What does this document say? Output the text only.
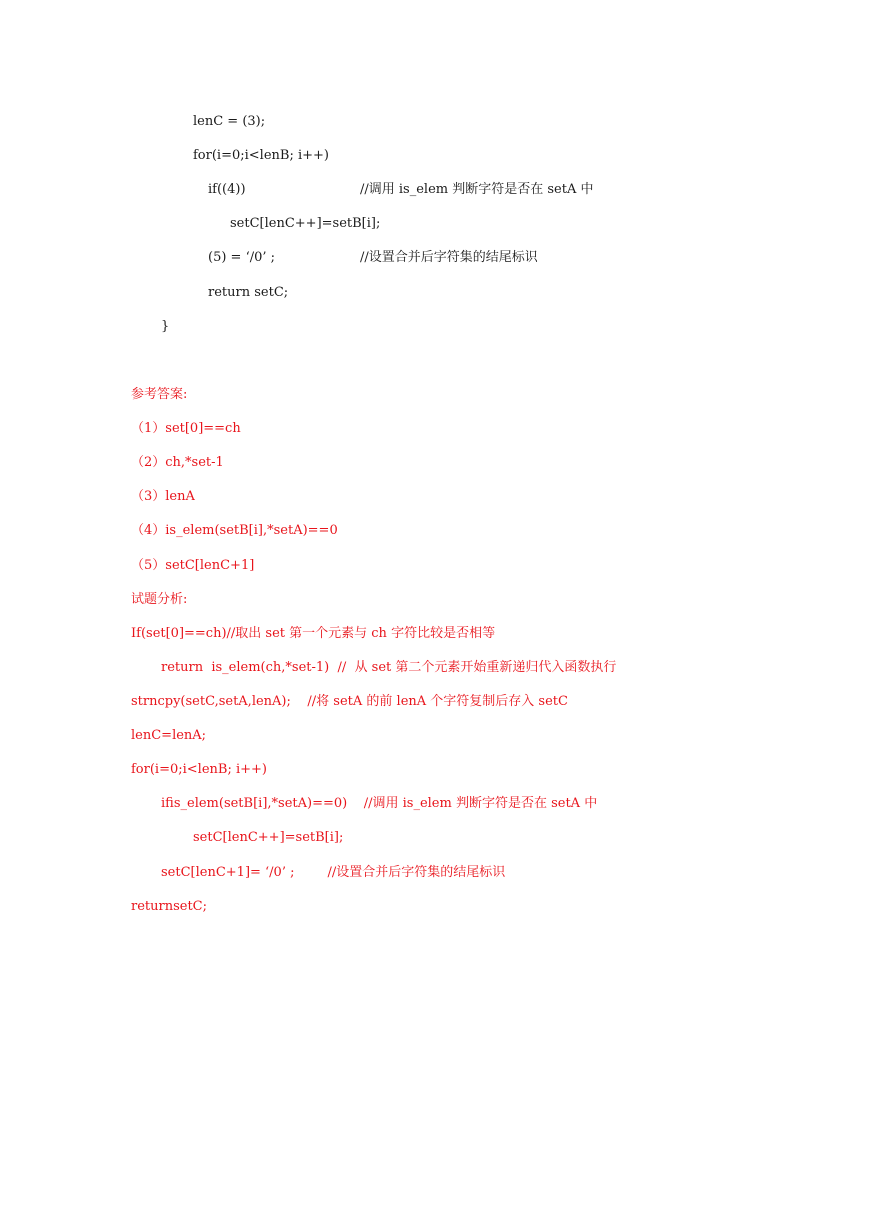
lenC = (3);
for(i=0;i<lenB; i++)
if((4))	//调用 is_elem 判断字符是否在 setA 中
setC[lenC++]=setB[i];
(5) = ‘/0’ ;	//设置合并后字符集的结尾标识
return setC;
}
参考答案:
（1）set[0]==ch
（2）ch,*set-1
（3）lenA
（4）is_elem(setB[i],*setA)==0
（5）setC[lenC+1]
试题分析:
If(set[0]==ch)//取出 set 第一个元素与 ch 字符比较是否相等
return  is_elem(ch,*set-1)  //  从 set 第二个元素开始重新递归代入函数执行
strncpy(setC,setA,lenA);    //将 setA 的前 lenA 个字符复制后存入 setC
lenC=lenA;
for(i=0;i<lenB; i++)
ifis_elem(setB[i],*setA)==0)    //调用 is_elem 判断字符是否在 setA 中
setC[lenC++]=setB[i];
setC[lenC+1]= ‘/0’ ;        //设置合并后字符集的结尾标识
returnsetC;
